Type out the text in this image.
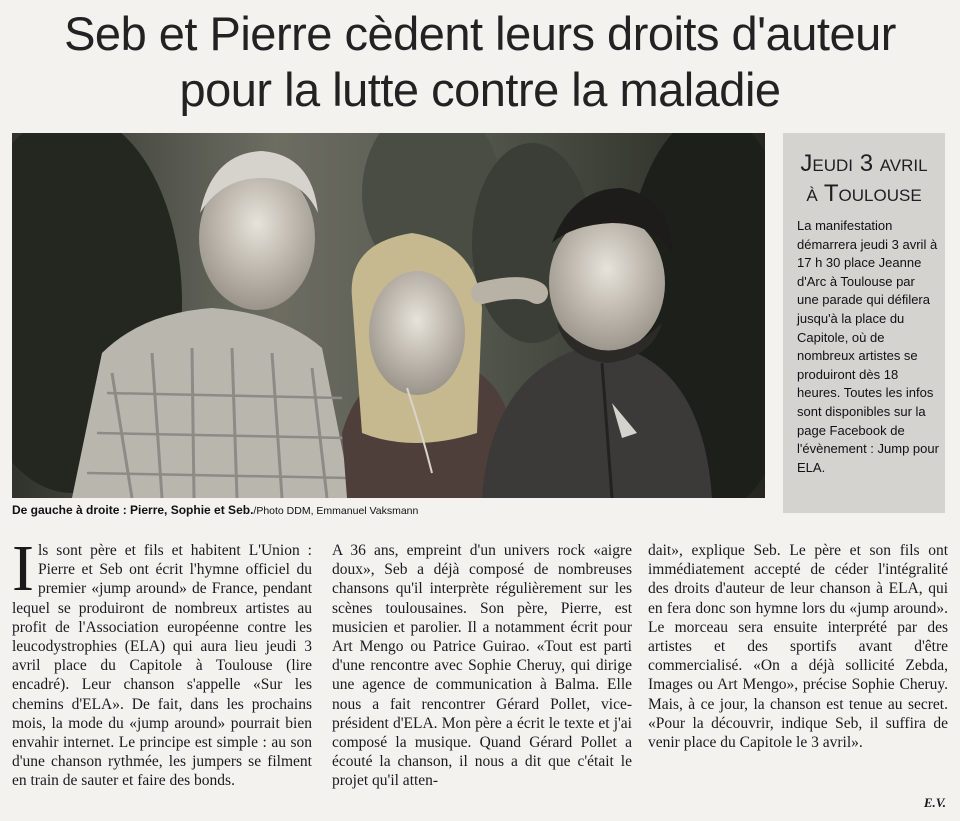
Seb et Pierre cèdent leurs droits d'auteur
pour la lutte contre la maladie
De gauche à droite : Pierre, Sophie et Seb./Photo DDM, Emmanuel Vaksmann
Jeudi 3 avril
à Toulouse
La manifestation démarrera jeudi 3 avril à 17 h 30 place Jeanne d'Arc à Toulouse par une parade qui défilera jusqu'à la place du Capitole, où de nombreux artistes se produiront dès 18 heures. Toutes les infos sont disponibles sur la page Facebook de l'évènement : Jump pour ELA.
I ls sont père et fils et habitent L'Union : Pierre et Seb ont écrit l'hymne officiel du premier «jump around» de France, pendant lequel se produiront de nombreux artistes au profit de l'Association européenne contre les leucodystrophies (ELA) qui aura lieu jeudi 3 avril place du Capitole à Toulouse (lire encadré). Leur chanson s'appelle «Sur les chemins d'ELA». De fait, dans les prochains mois, la mode du «jump around» pourrait bien envahir internet. Le principe est simple : au son d'une chanson rythmée, les jumpers se filment en train de sauter et faire des bonds.

A 36 ans, empreint d'un univers rock «aigre doux», Seb a déjà composé de nombreuses chansons qu'il interprète régulièrement sur les scènes toulousaines. Son père, Pierre, est musicien et parolier. Il a notamment écrit pour Art Mengo ou Patrice Guirao. «Tout est parti d'une rencontre avec Sophie Cheruy, qui dirige une agence de communication à Balma. Elle nous a fait rencontrer Gérard Pollet, vice-président d'ELA. Mon père a écrit le texte et j'ai composé la musique. Quand Gérard Pollet a écouté la chanson, il nous a dit que c'était le projet qu'il atten-

dait», explique Seb. Le père et son fils ont immédiatement accepté de céder l'intégralité des droits d'auteur de leur chanson à ELA, qui en fera donc son hymne lors du «jump around». Le morceau sera ensuite interprété par des artistes et des sportifs avant d'être commercialisé. «On a déjà sollicité Zebda, Images ou Art Mengo», précise Sophie Cheruy. Mais, à ce jour, la chanson est tenue au secret. «Pour la découvrir, indique Seb, il suffira de venir place du Capitole le 3 avril».

E.V.
